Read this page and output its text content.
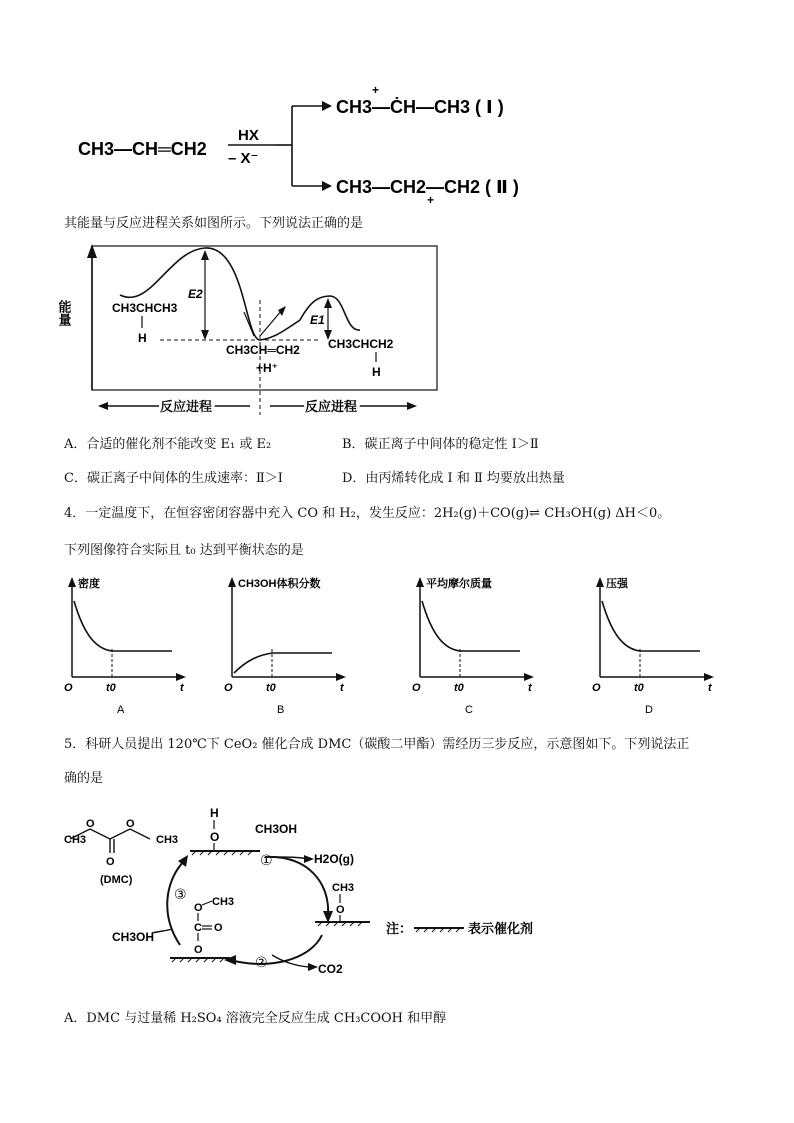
CH3—CH═CH2
HX
– X⁻
CH3—ĊH—CH3 ( Ⅰ )
+
CH3—CH2—CH2 ( Ⅱ )
+
其能量与反应进程关系如图所示。下列说法正确的是
能量
E2
E1
CH3CHCH3
H
CH3CH═CH2
+H⁺
CH3CHCH2
H
反应进程	反应进程
A．合适的催化剂不能改变 E₁ 或 E₂	B．碳正离子中间体的稳定性 Ⅰ＞Ⅱ
C．碳正离子中间体的生成速率：Ⅱ＞Ⅰ	D．由丙烯转化成 Ⅰ 和 Ⅱ 均要放出热量
4．一定温度下，在恒容密闭容器中充入 CO 和 H₂，发生反应：2H₂(g)＋CO(g)⇌ CH₃OH(g) ΔH＜0。
下列图像符合实际且 t₀ 达到平衡状态的是
密度
O	t0	t
A
CH3OH体积分数
O	t0	t
B
平均摩尔质量
O	t0	t
C
压强
O	t0	t
D
5．科研人员提出 120℃下 CeO₂ 催化合成 DMC（碳酸二甲酯）需经历三步反应，示意图如下。下列说法正
确的是
CH3	CH3
O	O
O
(DMC)
H
O
CH3OH
①	H2O(g)
CH3
O
②	CO2
O
C O
O CH3
③
CH3OH
注：	表示催化剂
A．DMC 与过量稀 H₂SO₄ 溶液完全反应生成 CH₃COOH 和甲醇
